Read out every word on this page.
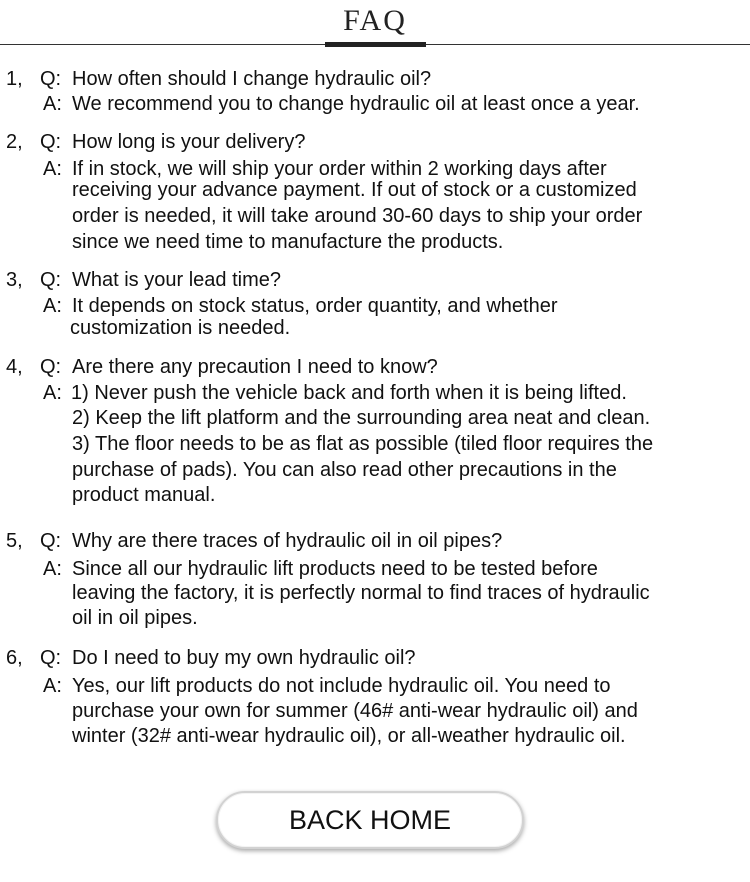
FAQ
1, Q: How often should I change hydraulic oil?
A: We recommend you to change hydraulic oil at least once a year.
2, Q: How long is your delivery?
A: If in stock, we will ship your order within 2 working days after
receiving your advance payment. If out of stock or a customized
order is needed, it will take around 30-60 days to ship your order
since we need time to manufacture the products.
3, Q: What is your lead time?
A: It depends on stock status, order quantity, and whether
customization is needed.
4, Q: Are there any precaution I need to know?
A: 1) Never push the vehicle back and forth when it is being lifted.
2) Keep the lift platform and the surrounding area neat and clean.
3) The floor needs to be as flat as possible (tiled floor requires the
purchase of pads). You can also read other precautions in the
product manual.
5, Q: Why are there traces of hydraulic oil in oil pipes?
A: Since all our hydraulic lift products need to be tested before
leaving the factory, it is perfectly normal to find traces of hydraulic
oil in oil pipes.
6, Q: Do I need to buy my own hydraulic oil?
A: Yes, our lift products do not include hydraulic oil. You need to
purchase your own for summer (46# anti-wear hydraulic oil) and
winter (32# anti-wear hydraulic oil), or all-weather hydraulic oil.
BACK HOME
